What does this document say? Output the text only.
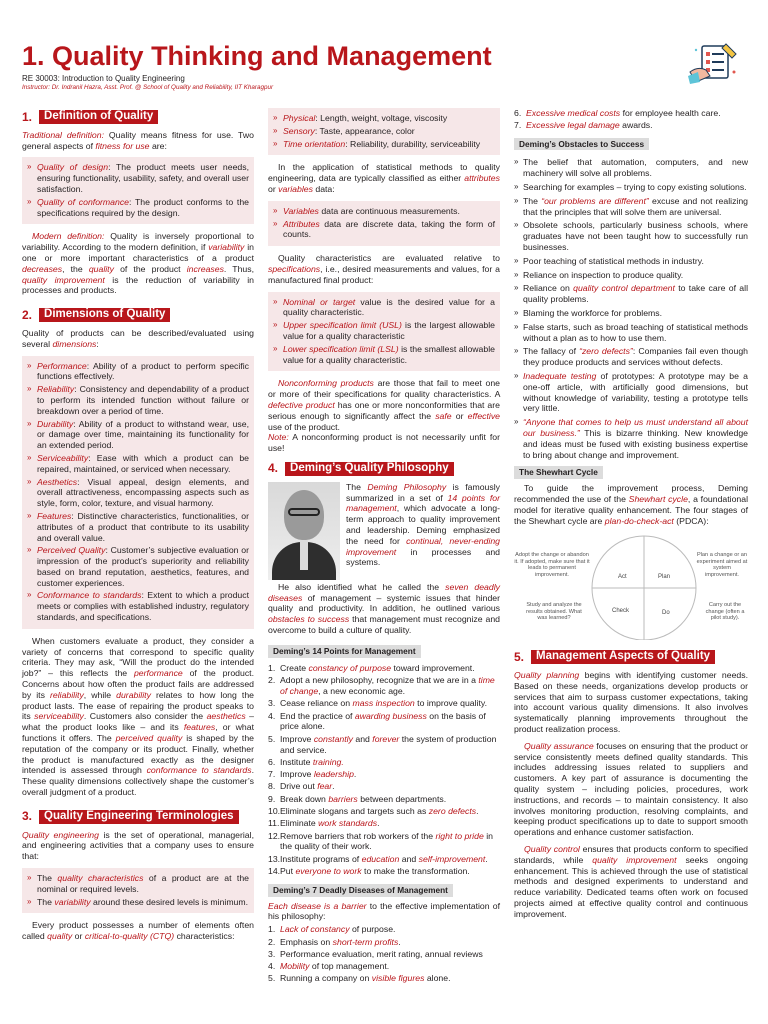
1. Quality Thinking and Management
RE 30003: Introduction to Quality Engineering
Instructor: Dr. Indranil Hazra, Asst. Prof. @ School of Quality and Reliability, IIT Kharagpur
1.	Definition of Quality
Traditional definition: Quality means fitness for use. Two general aspects of fitness for use are:
» Quality of design: The product meets user needs, ensuring functionality, usability, safety, and overall user satisfaction.
» Quality of conformance: The product conforms to the specifications required by the design.
Modern definition: Quality is inversely proportional to variability. According to the modern definition, if variability in one or more important characteristics of a product decreases, the quality of the product increases. Thus, quality improvement is the reduction of variability in processes and products.
2.	Dimensions of Quality
Quality of products can be described/evaluated using several dimensions:
» Performance: Ability of a product to perform specific functions effectively.
» Reliability: Consistency and dependability of a product to perform its intended function without failure or breakdown over a period of time.
» Durability: Ability of a product to withstand wear, use, or damage over time, maintaining its functionality for an extended period.
» Serviceability: Ease with which a product can be repaired, maintained, or serviced when necessary.
» Aesthetics: Visual appeal, design elements, and overall attractiveness, encompassing aspects such as style, form, color, texture, and visual harmony.
» Features: Distinctive characteristics, functionalities, or attributes of a product that contribute to its usability and overall value.
» Perceived Quality: Customer’s subjective evaluation or impression of the product’s superiority and reliability based on brand reputation, aesthetics, features, and customer experiences.
» Conformance to standards: Extent to which a product meets or complies with established industry, regulatory standards, and specifications.
When customers evaluate a product, they consider a variety of concerns that correspond to specific quality criteria. They may ask, “Will the product do the intended job?” – this reflects the performance of the product. Concerns about how often the product fails are addressed by its reliability, while durability relates to how long the product lasts. The ease of repairing the product speaks to its serviceability. Customers also consider the aesthetics – what the product looks like – and its features, or what functions it offers. The perceived quality is shaped by the reputation of the company or its product. Finally, whether the product is manufactured exactly as the designer intended is assessed through conformance to standards. These quality dimensions collectively shape the customer’s overall judgment of a product.
3.	Quality Engineering Terminologies
Quality engineering is the set of operational, managerial, and engineering activities that a company uses to ensure that:
» The quality characteristics of a product are at the nominal or required levels.
» The variability around these desired levels is minimum.
Every product possesses a number of elements often called quality or critical-to-quality (CTQ) characteristics:
» Physical: Length, weight, voltage, viscosity
» Sensory: Taste, appearance, color
» Time orientation: Reliability, durability, serviceability
In the application of statistical methods to quality engineering, data are typically classified as either attributes or variables data:
» Variables data are continuous measurements.
» Attributes data are discrete data, taking the form of counts.
Quality characteristics are evaluated relative to specifications, i.e., desired measurements and values, for a manufactured final product:
» Nominal or target value is the desired value for a quality characteristic.
» Upper specification limit (USL) is the largest allowable value for a quality characteristic
» Lower specification limit (LSL) is the smallest allowable value for a quality characteristic.
Nonconforming products are those that fail to meet one or more of their specifications for quality characteristics. A defective product has one or more nonconformities that are serious enough to significantly affect the safe or effective use of the product.
Note: A nonconforming product is not necessarily unfit for use!
4.	Deming’s Quality Philosophy
The Deming Philosophy is famously summarized in a set of 14 points for management, which advocate a long-term approach to quality improvement and leadership. Deming emphasized the need for continual, never-ending improvement in processes and systems.
He also identified what he called the seven deadly diseases of management – systemic issues that hinder quality and productivity. In addition, he outlined various obstacles to success that management must recognize and overcome to build a culture of quality.
Deming’s 14 Points for Management
1. Create constancy of purpose toward improvement.
2. Adopt a new philosophy, recognize that we are in a time of change, a new economic age.
3. Cease reliance on mass inspection to improve quality.
4. End the practice of awarding business on the basis of price alone.
5. Improve constantly and forever the system of production and service.
6. Institute training.
7. Improve leadership.
8. Drive out fear.
9. Break down barriers between departments.
10. Eliminate slogans and targets such as zero defects.
11. Eliminate work standards.
12. Remove barriers that rob workers of the right to pride in the quality of their work.
13. Institute programs of education and self-improvement.
14. Put everyone to work to make the transformation.
Deming’s 7 Deadly Diseases of Management
Each disease is a barrier to the effective implementation of his philosophy:
1. Lack of constancy of purpose.
2. Emphasis on short-term profits.
3. Performance evaluation, merit rating, annual reviews
4. Mobility of top management.
5. Running a company on visible figures alone.
6. Excessive medical costs for employee health care.
7. Excessive legal damage awards.
Deming’s Obstacles to Success
» The belief that automation, computers, and new machinery will solve all problems.
» Searching for examples – trying to copy existing solutions.
» The “our problems are different” excuse and not realizing that the principles that will solve them are universal.
» Obsolete schools, particularly business schools, where graduates have not been taught how to successfully run businesses.
» Poor teaching of statistical methods in industry.
» Reliance on inspection to produce quality.
» Reliance on quality control department to take care of all quality problems.
» Blaming the workforce for problems.
» False starts, such as broad teaching of statistical methods without a plan as to how to use them.
» The fallacy of “zero defects”: Companies fail even though they produce products and services without defects.
» Inadequate testing of prototypes: A prototype may be a one-off article, with artificially good dimensions, but without knowledge of variability, testing a prototype tells very little.
» “Anyone that comes to help us must understand all about our business.” This is bizarre thinking. New knowledge and ideas must be fused with existing business expertise to bring about change and improvement.
The Shewhart Cycle
To guide the improvement process, Deming recommended the use of the Shewhart cycle, a foundational model for iterative quality enhancement. The four stages of the Shewhart cycle are plan-do-check-act (PDCA):
Act	Plan
Check	Do
Adopt the change or abandon it. If adopted, make sure that it leads to permanent improvement.
Plan a change or an experiment aimed at system improvement.
Study and analyze the results obtained. What was learned?
Carry out the change (often a pilot study).
5.	Management Aspects of Quality
Quality planning begins with identifying customer needs. Based on these needs, organizations develop products or services that aim to surpass customer expectations, taking into account various quality dimensions. It also involves systematically planning improvements throughout the product realization process.
Quality assurance focuses on ensuring that the product or service consistently meets defined quality standards. This includes addressing issues related to suppliers and customers. A key part of assurance is documenting the quality system – including policies, procedures, work instructions, and records – to maintain consistency. It also involves monitoring production, resolving complaints, and keeping product specifications up to date to support smooth operations and enhance customer satisfaction.
Quality control ensures that products conform to specified standards, while quality improvement seeks ongoing enhancement. This is achieved through the use of statistical methods and designed experiments to understand and reduce variability. Dedicated teams often work on focused projects aimed at effective quality control and continuous improvement.
